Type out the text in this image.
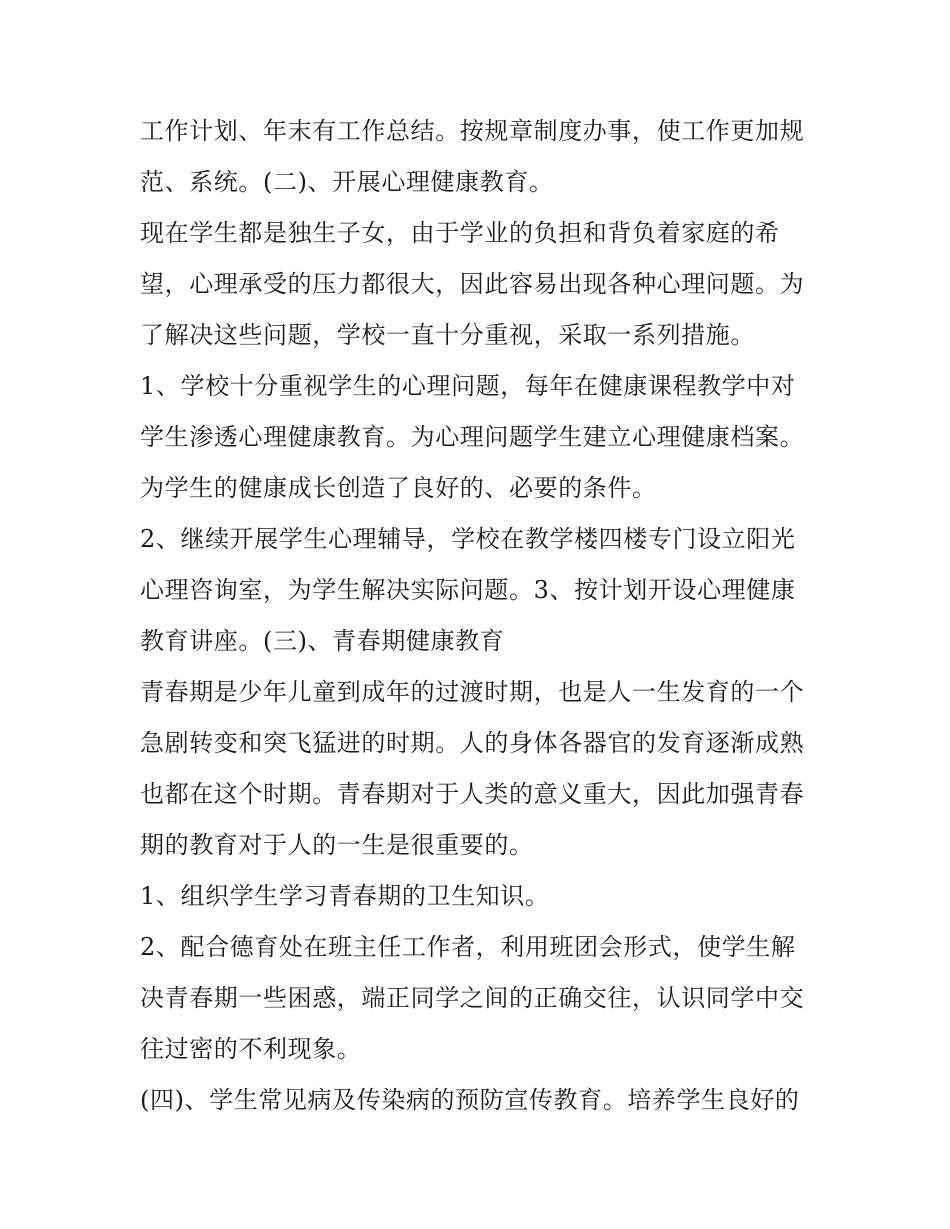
工作计划、年末有工作总结。按规章制度办事，使工作更加规
范、系统。(二)、开展心理健康教育。
现在学生都是独生子女，由于学业的负担和背负着家庭的希
望，心理承受的压力都很大，因此容易出现各种心理问题。为
了解决这些问题，学校一直十分重视，采取一系列措施。
1、学校十分重视学生的心理问题，每年在健康课程教学中对
学生渗透心理健康教育。为心理问题学生建立心理健康档案。
为学生的健康成长创造了良好的、必要的条件。
2、继续开展学生心理辅导，学校在教学楼四楼专门设立阳光
心理咨询室，为学生解决实际问题。3、按计划开设心理健康
教育讲座。(三)、青春期健康教育
青春期是少年儿童到成年的过渡时期，也是人一生发育的一个
急剧转变和突飞猛进的时期。人的身体各器官的发育逐渐成熟
也都在这个时期。青春期对于人类的意义重大，因此加强青春
期的教育对于人的一生是很重要的。
1、组织学生学习青春期的卫生知识。
2、配合德育处在班主任工作者，利用班团会形式，使学生解
决青春期一些困惑，端正同学之间的正确交往，认识同学中交
往过密的不利现象。
(四)、学生常见病及传染病的预防宣传教育。培养学生良好的
